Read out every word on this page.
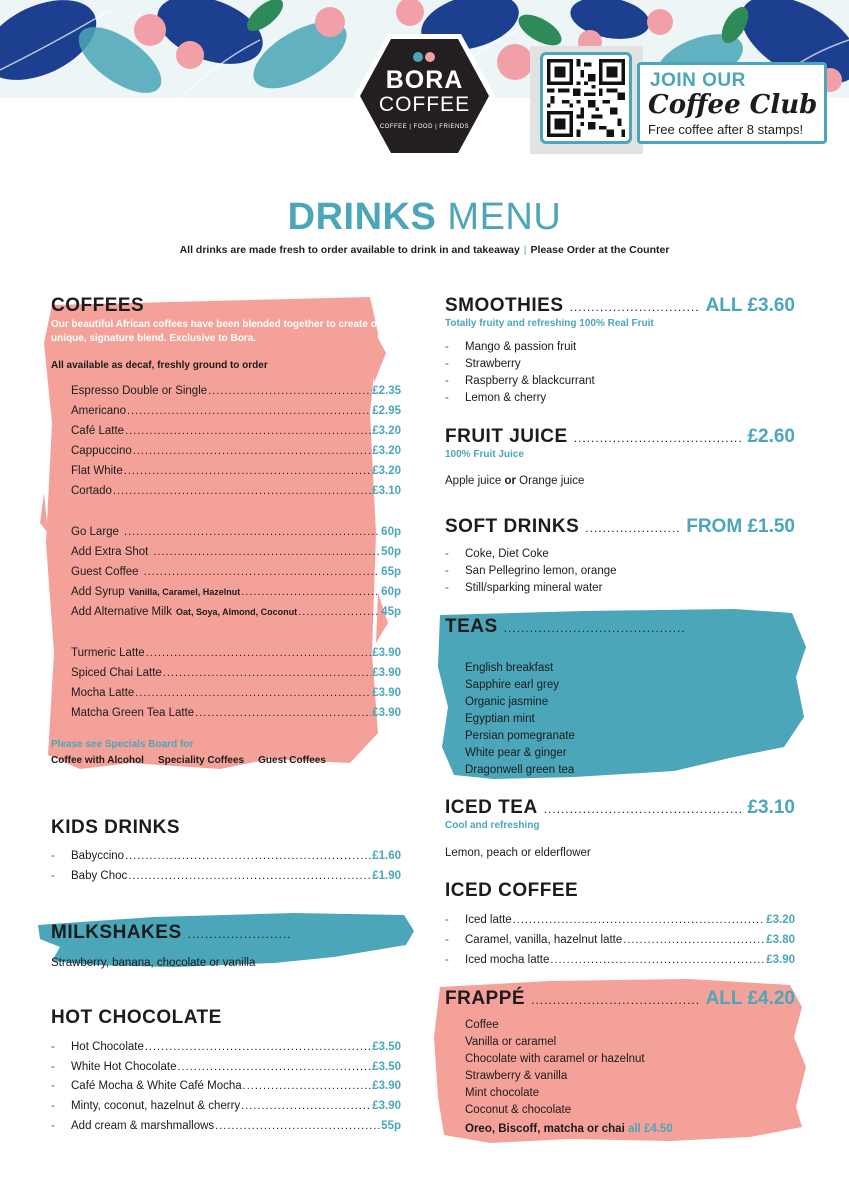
BORA
COFFEE
COFFEE | FOOD | FRIENDS
JOIN OUR
Coffee Club
Free coffee after 8 stamps!
DRINKS MENU
All drinks are made fresh to order available to drink in and takeaway | Please Order at the Counter
COFFEES
Our beautiful African coffees have been blended together to create our unique, signature blend. Exclusive to Bora.
All available as decaf, freshly ground to order
Espresso Double or Single .....	£2.35
Americano .....	£2.95
Café Latte .....	£3.20
Cappuccino .....	£3.20
Flat White .....	£3.20
Cortado .....	£3.10
Go Large .....	60p
Add Extra Shot .....	50p
Guest Coffee .....	65p
Add Syrup Vanilla, Caramel, Hazelnut .....	60p
Add Alternative Milk Oat, Soya, Almond, Coconut .....	45p
Turmeric Latte .....	£3.90
Spiced Chai Latte .....	£3.90
Mocha Latte .....	£3.90
Matcha Green Tea Latte .....	£3.90
Please see Specials Board for
Coffee with Alcohol Speciality Coffees Guest Coffees
KIDS DRINKS
-	Babyccino .....	£1.60
-	Baby Choc .....	£1.90
MILKSHAKES
.....
Strawberry, banana, chocolate or vanilla
HOT CHOCOLATE
-	Hot Chocolate .....	£3.50
-	White Hot Chocolate .....	£3.50
-	Café Mocha & White Café Mocha .....	£3.90
-	Minty, coconut, hazelnut & cherry .....	£3.90
-	Add cream & marshmallows .....	55p
SMOOTHIES .....	ALL £3.60
Totally fruity and refreshing 100% Real Fruit
-	Mango & passion fruit
-	Strawberry
-	Raspberry & blackcurrant
-	Lemon & cherry
FRUIT JUICE .....	£2.60
100% Fruit Juice
Apple juice or Orange juice
SOFT DRINKS .....	FROM £1.50
-	Coke, Diet Coke
-	San Pellegrino lemon, orange
-	Still/sparking mineral water
TEAS
.....
English breakfast
Sapphire earl grey
Organic jasmine
Egyptian mint
Persian pomegranate
White pear & ginger
Dragonwell green tea
ICED TEA .....	£3.10
Cool and refreshing
Lemon, peach or elderflower
ICED COFFEE
-	Iced latte .....	£3.20
-	Caramel, vanilla, hazelnut latte .....	£3.80
-	Iced mocha latte .....	£3.90
FRAPPÉ .....	ALL £4.20
Coffee
Vanilla or caramel
Chocolate with caramel or hazelnut
Strawberry & vanilla
Mint chocolate
Coconut & chocolate
Oreo, Biscoff, matcha or chai all £4.50
